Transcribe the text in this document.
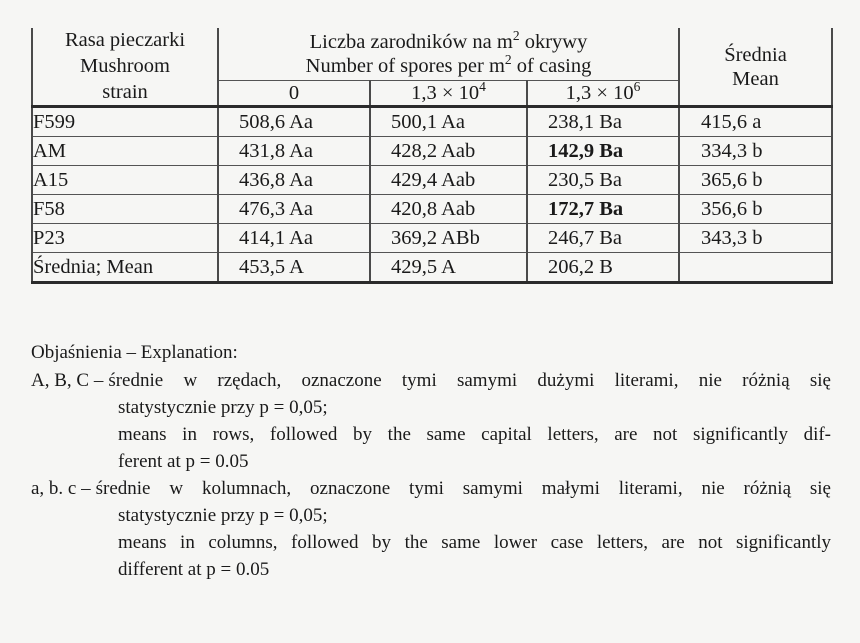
Rasa pieczarki
Mushroom
strain

Liczba zarodników na $m^2$ okrywy
Number of spores per $m^2$ of casing

Średnia
Mean

	0	$1,3 \times 10^4$	$1,3 \times 10^6$
F599	508,6 Aa	500,1 Aa	238,1 Ba	415,6 a
AM	431,8 Aa	428,2 Aab	142,9 Ba	334,3 b
A15	436,8 Aa	429,4 Aab	230,5 Ba	365,6 b
F58	476,3 Aa	420,8 Aab	172,7 Ba	356,6 b
P23	414,1 Aa	369,2 ABb	246,7 Ba	343,3 b
Średnia; Mean	453,5 A	429,5 A	206,2 B	

Objaśnienia – Explanation:

A, B, C – średnie w rzędach, oznaczone tymi samymi dużymi literami, nie różnią się
statystycznie przy p = 0,05;
means in rows, followed by the same capital letters, are not significantly dif-
ferent at p = 0.05
a, b. c – średnie w kolumnach, oznaczone tymi samymi małymi literami, nie różnią się
statystycznie przy p = 0,05;
means in columns, followed by the same lower case letters, are not significantly
different at p = 0.05
